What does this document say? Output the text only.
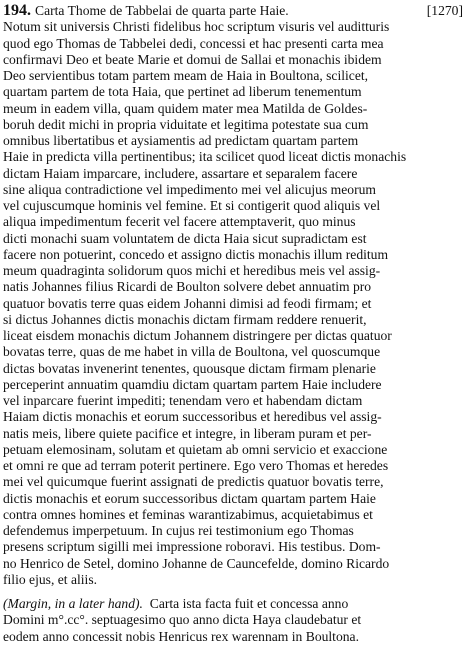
194. Carta Thome de Tabbelai de quarta parte Haie.	[1270]
Notum sit universis Christi fidelibus hoc scriptum visuris vel auditturis
quod ego Thomas de Tabbelei dedi, concessi et hac presenti carta mea
confirmavi Deo et beate Marie et domui de Sallai et monachis ibidem
Deo servientibus totam partem meam de Haia in Boultona, scilicet,
quartam partem de tota Haia, que pertinet ad liberum tenementum
meum in eadem villa, quam quidem mater mea Matilda de Goldes-
boruh dedit michi in propria viduitate et legitima potestate sua cum
omnibus libertatibus et aysiamentis ad predictam quartam partem
Haie in predicta villa pertinentibus; ita scilicet quod liceat dictis monachis
dictam Haiam imparcare, includere, assartare et separalem facere
sine aliqua contradictione vel impedimento mei vel alicujus meorum
vel cujuscumque hominis vel femine. Et si contigerit quod aliquis vel
aliqua impedimentum fecerit vel facere attemptaverit, quo minus
dicti monachi suam voluntatem de dicta Haia sicut supradictam est
facere non potuerint, concedo et assigno dictis monachis illum reditum
meum quadraginta solidorum quos michi et heredibus meis vel assig-
natis Johannes filius Ricardi de Boulton solvere debet annuatim pro
quatuor bovatis terre quas eidem Johanni dimisi ad feodi firmam; et
si dictus Johannes dictis monachis dictam firmam reddere renuerit,
liceat eisdem monachis dictum Johannem distringere per dictas quatuor
bovatas terre, quas de me habet in villa de Boultona, vel quoscumque
dictas bovatas invenerint tenentes, quousque dictam firmam plenarie
perceperint annuatim quamdiu dictam quartam partem Haie includere
vel inparcare fuerint impediti; tenendam vero et habendam dictam
Haiam dictis monachis et eorum successoribus et heredibus vel assig-
natis meis, libere quiete pacifice et integre, in liberam puram et per-
petuam elemosinam, solutam et quietam ab omni servicio et exaccione
et omni re que ad terram poterit pertinere. Ego vero Thomas et heredes
mei vel quicumque fuerint assignati de predictis quatuor bovatis terre,
dictis monachis et eorum successoribus dictam quartam partem Haie
contra omnes homines et feminas warantizabimus, acquietabimus et
defendemus imperpetuum. In cujus rei testimonium ego Thomas
presens scriptum sigilli mei impressione roboravi. His testibus. Dom-
no Henrico de Setel, domino Johanne de Cauncefelde, domino Ricardo
filio ejus, et aliis.
(Margin, in a later hand). Carta ista facta fuit et concessa anno
Domini m°.cc°. septuagesimo quo anno dicta Haya claudebatur et
eodem anno concessit nobis Henricus rex warennam in Boultona.
